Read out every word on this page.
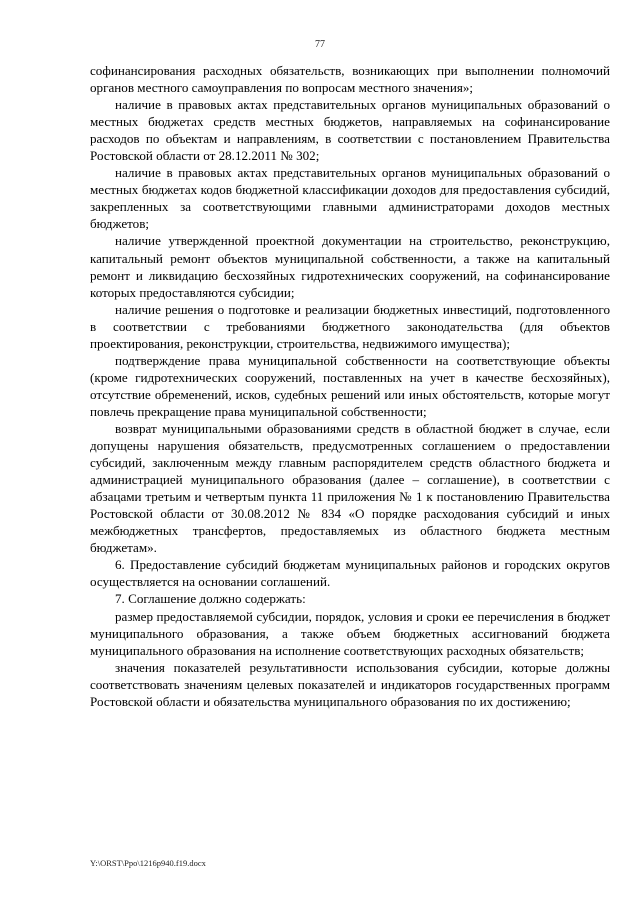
77

софинансирования расходных обязательств, возникающих при выполнении полномочий органов местного самоуправления по вопросам местного значения»;

наличие в правовых актах представительных органов муниципальных образований о местных бюджетах средств местных бюджетов, направляемых на софинансирование расходов по объектам и направлениям, в соответствии с постановлением Правительства Ростовской области от 28.12.2011 № 302;

наличие в правовых актах представительных органов муниципальных образований о местных бюджетах кодов бюджетной классификации доходов для предоставления субсидий, закрепленных за соответствующими главными администраторами доходов местных бюджетов;

наличие утвержденной проектной документации на строительство, реконструкцию, капитальный ремонт объектов муниципальной собственности, а также на капитальный ремонт и ликвидацию бесхозяйных гидротехнических сооружений, на софинансирование которых предоставляются субсидии;

наличие решения о подготовке и реализации бюджетных инвестиций, подготовленного в соответствии с требованиями бюджетного законодательства (для объектов проектирования, реконструкции, строительства, недвижимого имущества);

подтверждение права муниципальной собственности на соответствующие объекты (кроме гидротехнических сооружений, поставленных на учет в качестве бесхозяйных), отсутствие обременений, исков, судебных решений или иных обстоятельств, которые могут повлечь прекращение права муниципальной собственности;

возврат муниципальными образованиями средств в областной бюджет в случае, если допущены нарушения обязательств, предусмотренных соглашением о предоставлении субсидий, заключенным между главным распорядителем средств областного бюджета и администрацией муниципального образования (далее – соглашение), в соответствии с абзацами третьим и четвертым пункта 11 приложения № 1 к постановлению Правительства Ростовской области от 30.08.2012 № 834 «О порядке расходования субсидий и иных межбюджетных трансфертов, предоставляемых из областного бюджета местным бюджетам».

6. Предоставление субсидий бюджетам муниципальных районов и городских округов осуществляется на основании соглашений.

7. Соглашение должно содержать:

размер предоставляемой субсидии, порядок, условия и сроки ее перечисления в бюджет муниципального образования, а также объем бюджетных ассигнований бюджета муниципального образования на исполнение соответствующих расходных обязательств;

значения показателей результативности использования субсидии, которые должны соответствовать значениям целевых показателей и индикаторов государственных программ Ростовской области и обязательства муниципального образования по их достижению;

Y:\ORST\Ppo\1216p940.f19.docx
